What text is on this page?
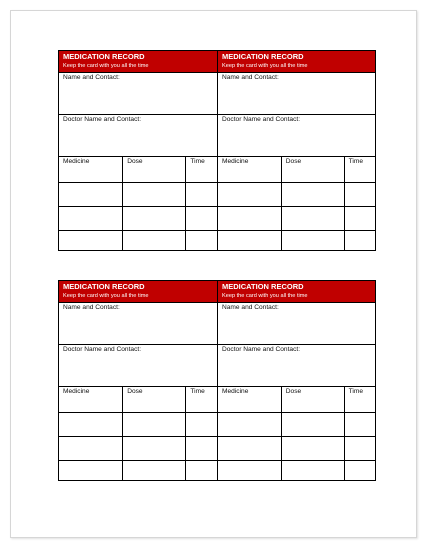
MEDICATION RECORD
Keep the card with you all the time
Name and Contact:
Doctor Name and Contact:
Medicine	Dose	Time
MEDICATION RECORD
Keep the card with you all the time
Name and Contact:
Doctor Name and Contact:
Medicine	Dose	Time
MEDICATION RECORD
Keep the card with you all the time
Name and Contact:
Doctor Name and Contact:
Medicine	Dose	Time
MEDICATION RECORD
Keep the card with you all the time
Name and Contact:
Doctor Name and Contact:
Medicine	Dose	Time
